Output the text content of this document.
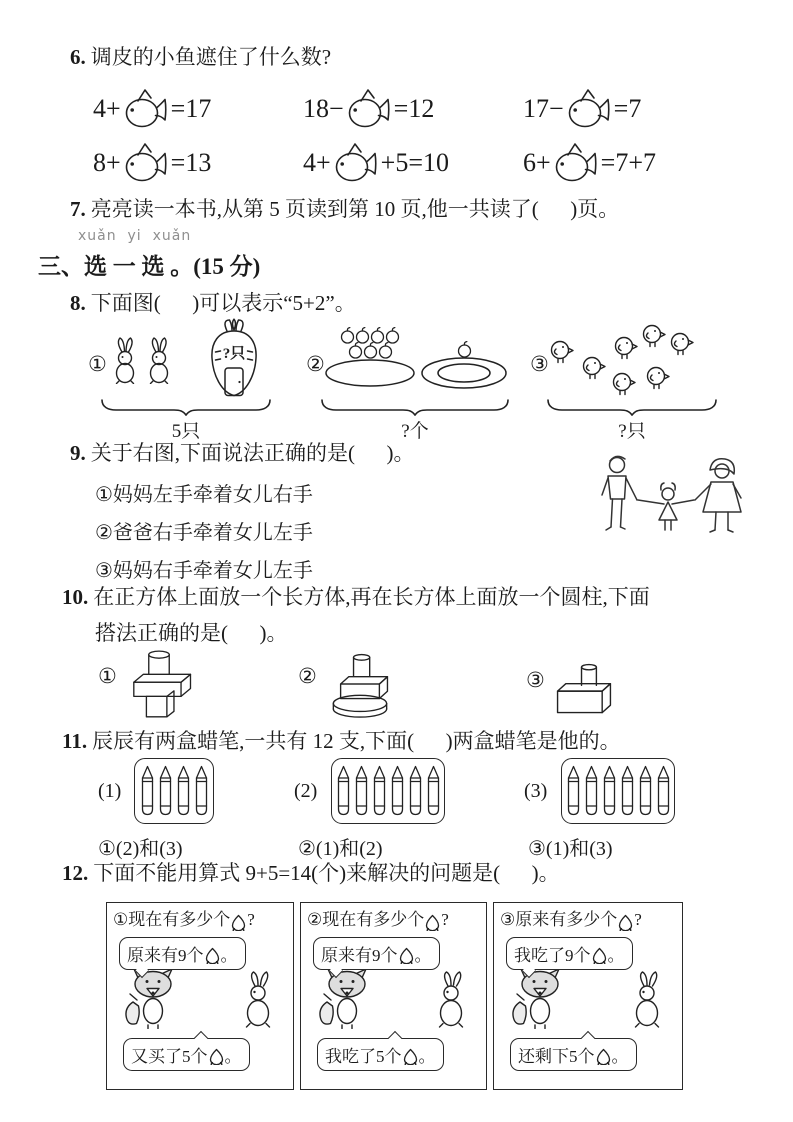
6. 调皮的小鱼遮住了什么数?
4+ =17	18− =12	17− =7
8+ =13	4+ +5=10	6+ =7+7
7. 亮亮读一本书,从第 5 页读到第 10 页,他一共读了(      )页。
xuǎn  yi  xuǎn
三、选 一 选 。(15 分)
8. 下面图(      )可以表示“5+2”。
①	?只
5只
②
?个
③
?只
9. 关于右图,下面说法正确的是(      )。
①妈妈左手牵着女儿右手
②爸爸右手牵着女儿左手
③妈妈右手牵着女儿左手
10. 在正方体上面放一个长方体,再在长方体上面放一个圆柱,下面
搭法正确的是(      )。
①	②	③
11. 辰辰有两盒蜡笔,一共有 12 支,下面(      )两盒蜡笔是他的。
(1)	(2)	(3)
①(2)和(3)	②(1)和(2)	③(1)和(3)
12. 下面不能用算式 9+5=14(个)来解决的问题是(      )。
① 现在有多少个 ?
原来有9个 。
又买了5个 。
② 现在有多少个 ?
原来有9个 。
我吃了5个 。
③ 原来有多少个 ?
我吃了9个 。
还剩下5个 。
